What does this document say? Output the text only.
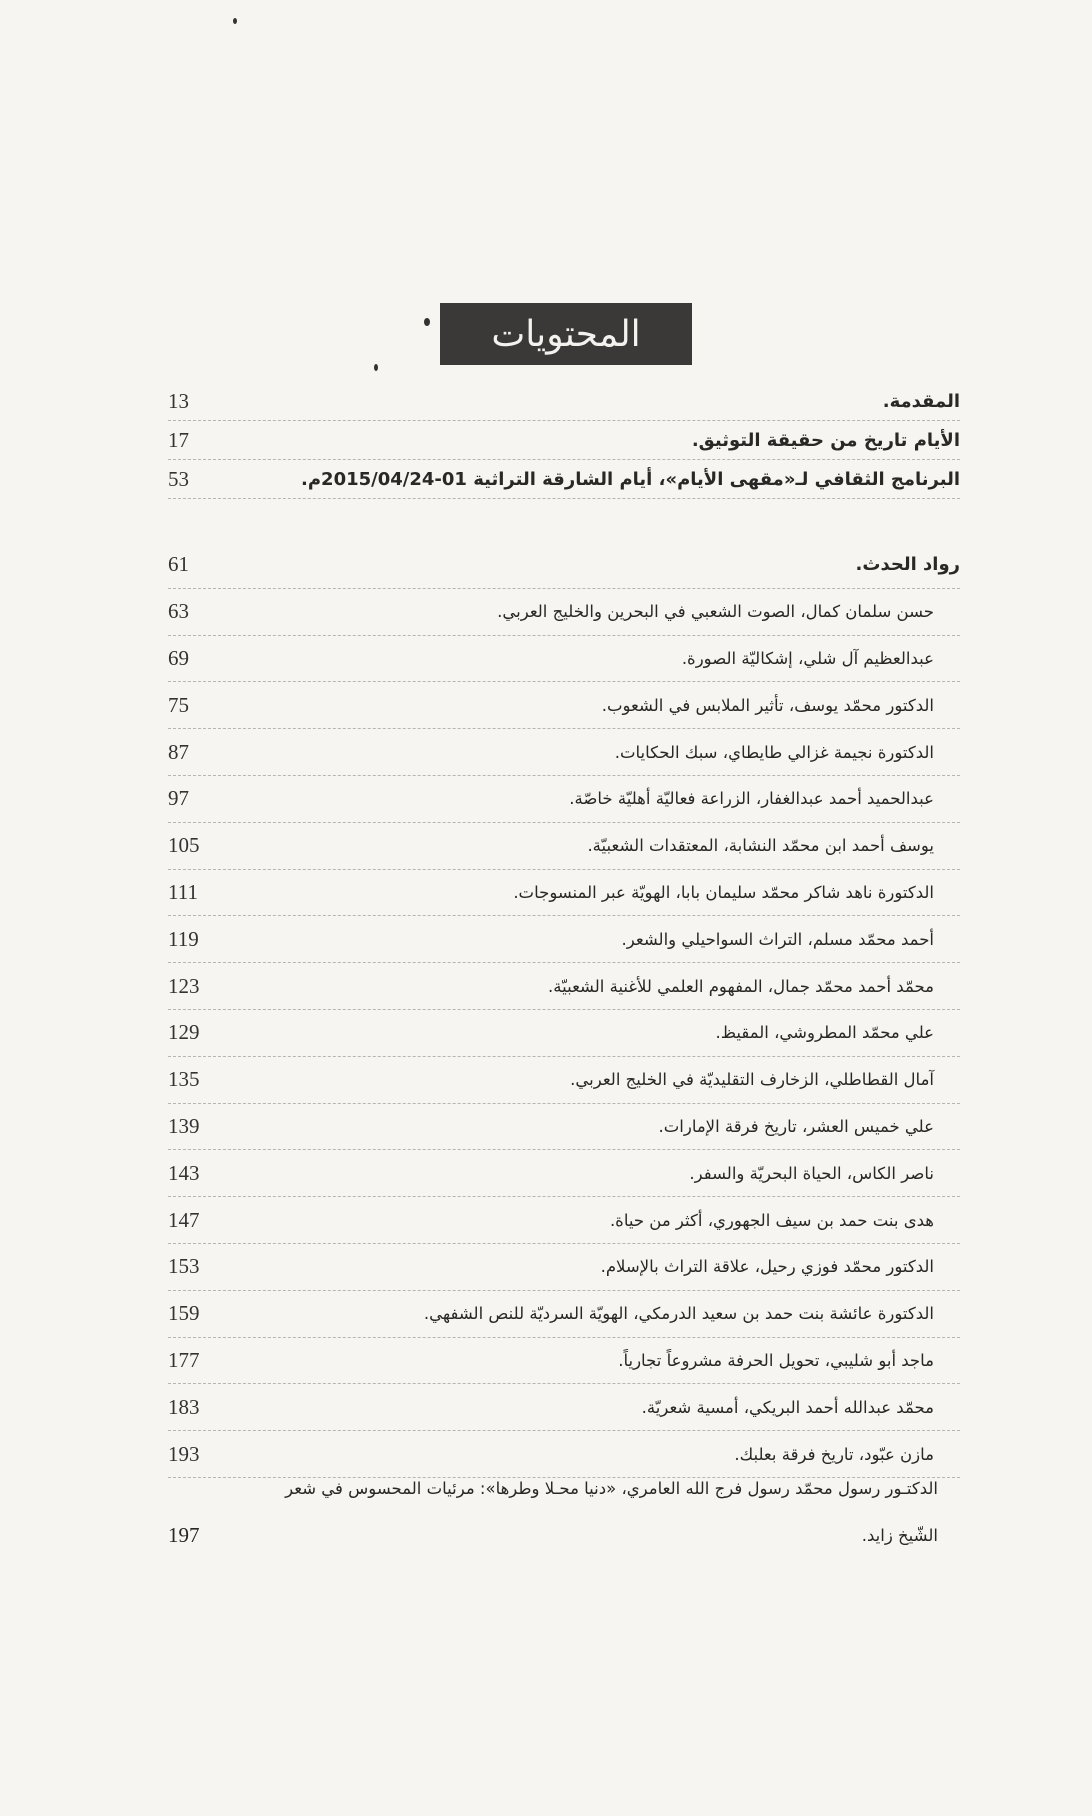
المحتويات
المقدمة.
13
الأيام تاريخ من حقيقة التوثيق.
17
البرنامج الثقافي لـ«مقهى الأيام»، أيام الشارقة التراثية 01-2015/04/24م.
53
رواد الحدث.
61
حسن سلمان كمال، الصوت الشعبي في البحرين والخليج العربي.
63
عبدالعظيم آل شلي، إشكاليّة الصورة.
69
الدكتور محمّد يوسف، تأثير الملابس في الشعوب.
75
الدكتورة نجيمة غزالي طايطاي، سبك الحكايات.
87
عبدالحميد أحمد عبدالغفار، الزراعة فعاليّة أهليّة خاصّة.
97
يوسف أحمد ابن محمّد النشابة، المعتقدات الشعبيّة.
105
الدكتورة ناهد شاكر محمّد سليمان بابا، الهويّة عبر المنسوجات.
111
أحمد محمّد مسلم، التراث السواحيلي والشعر.
119
محمّد أحمد محمّد جمال، المفهوم العلمي للأغنية الشعبيّة.
123
علي محمّد المطروشي، المقيظ.
129
آمال القطاطلي، الزخارف التقليديّة في الخليج العربي.
135
علي خميس العشر، تاريخ فرقة الإمارات.
139
ناصر الكاس، الحياة البحريّة والسفر.
143
هدى بنت حمد بن سيف الجهوري، أكثر من حياة.
147
الدكتور محمّد فوزي رحيل، علاقة التراث بالإسلام.
153
الدكتورة عائشة بنت حمد بن سعيد الدرمكي، الهويّة السرديّة للنص الشفهي.
159
ماجد أبو شليبي، تحويل الحرفة مشروعاً تجارياً.
177
محمّد عبدالله أحمد البريكي، أمسية شعريّة.
183
مازن عبّود، تاريخ فرقة بعلبك.
193
الدكتـور رسول محمّد رسول فرج الله العامري، «دنيا محـلا وطرها»: مرئيات المحسوس في شعر
الشّيخ زايد.
197
